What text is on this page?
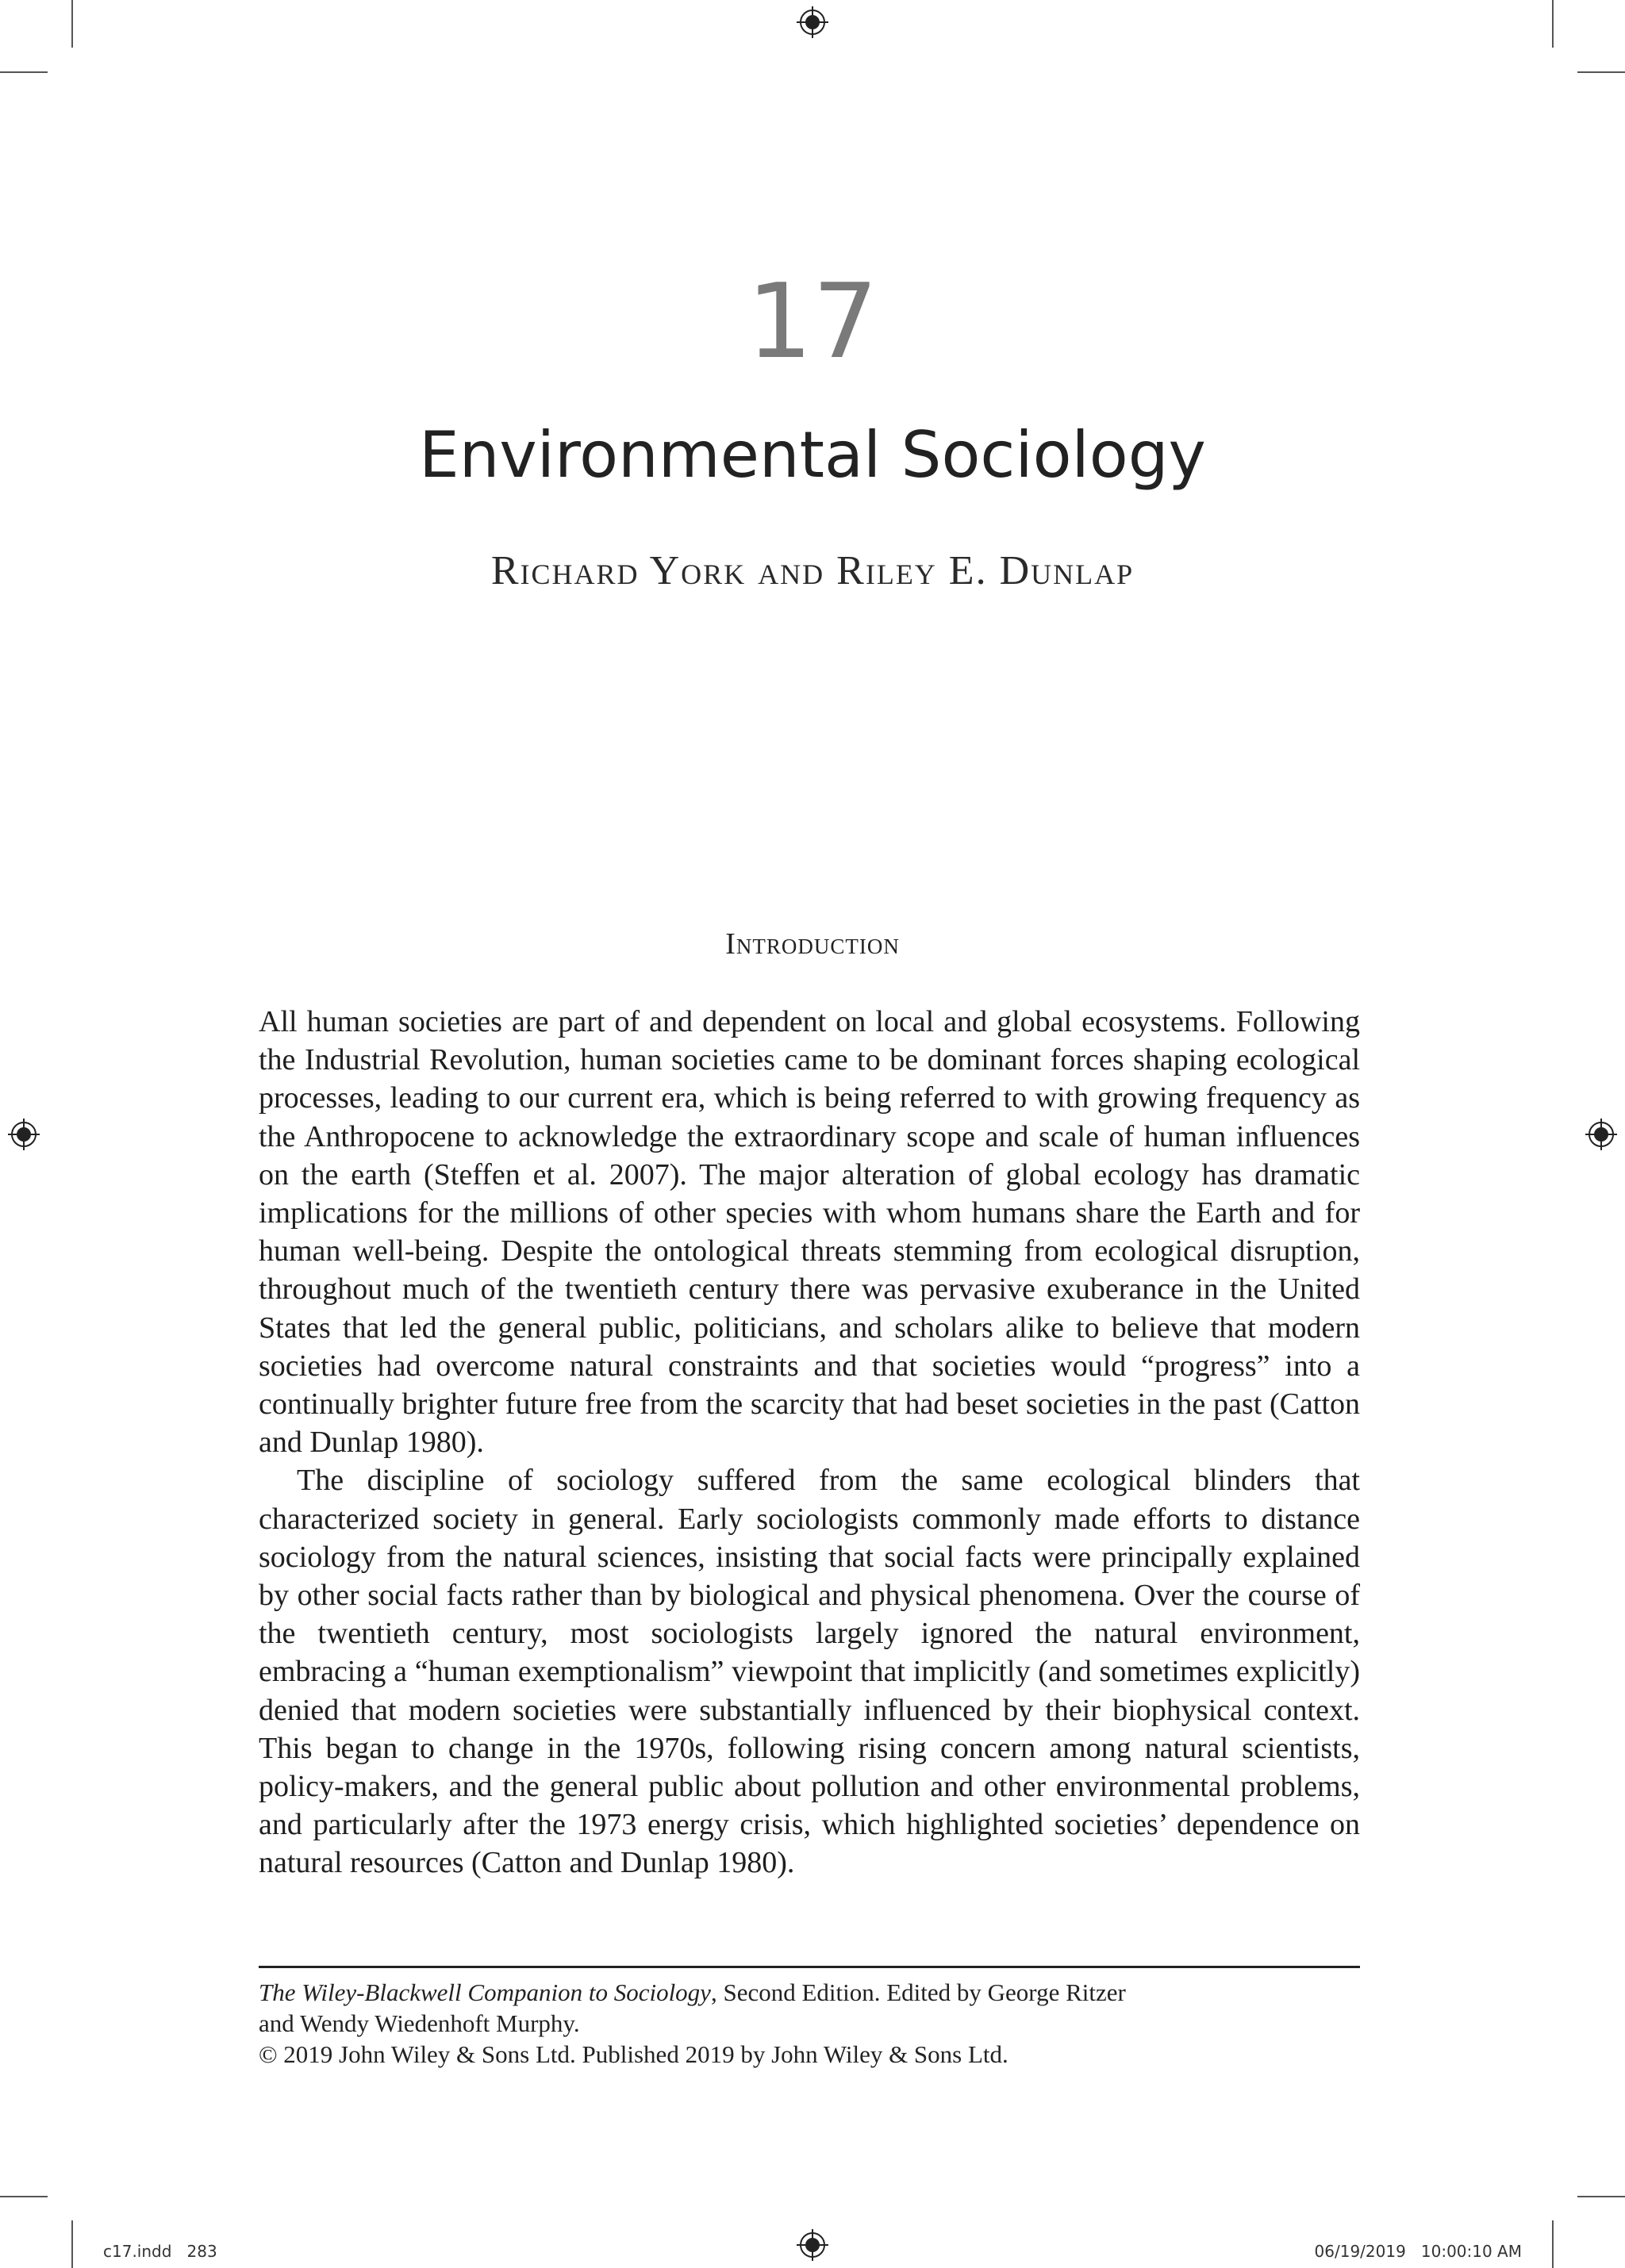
17
Environmental Sociology
Richard York and Riley E. Dunlap
Introduction

All human societies are part of and dependent on local and global ecosystems. Following the Industrial Revolution, human societies came to be dominant forces shaping ecological processes, leading to our current era, which is being referred to with growing frequency as the Anthropocene to acknowledge the extraordinary scope and scale of human influences on the earth (Steffen et al. 2007). The major alteration of global ecology has dramatic implications for the millions of other species with whom humans share the Earth and for human well-being. Despite the ontological threats stemming from ecological disruption, throughout much of the twentieth century there was pervasive exuberance in the United States that led the general public, politicians, and scholars alike to believe that modern societies had overcome natural constraints and that societies would “progress” into a continually brighter future free from the scarcity that had beset societies in the past (Catton and Dunlap 1980).

The discipline of sociology suffered from the same ecological blinders that characterized society in general. Early sociologists commonly made efforts to distance sociology from the natural sciences, insisting that social facts were principally explained by other social facts rather than by biological and physical phenomena. Over the course of the twentieth century, most sociologists largely ignored the natural environment, embracing a “human exemptionalism” viewpoint that implicitly (and sometimes explicitly) denied that modern societies were substantially influenced by their biophysical context. This began to change in the 1970s, following rising concern among natural scientists, policy-makers, and the general public about pollution and other environmental problems, and particularly after the 1973 energy crisis, which highlighted societies’ dependence on natural resources (Catton and Dunlap 1980).

The Wiley-Blackwell Companion to Sociology, Second Edition. Edited by George Ritzer
and Wendy Wiedenhoft Murphy.
© 2019 John Wiley & Sons Ltd. Published 2019 by John Wiley & Sons Ltd.
c17.indd   283	06/19/2019   10:00:10 AM
